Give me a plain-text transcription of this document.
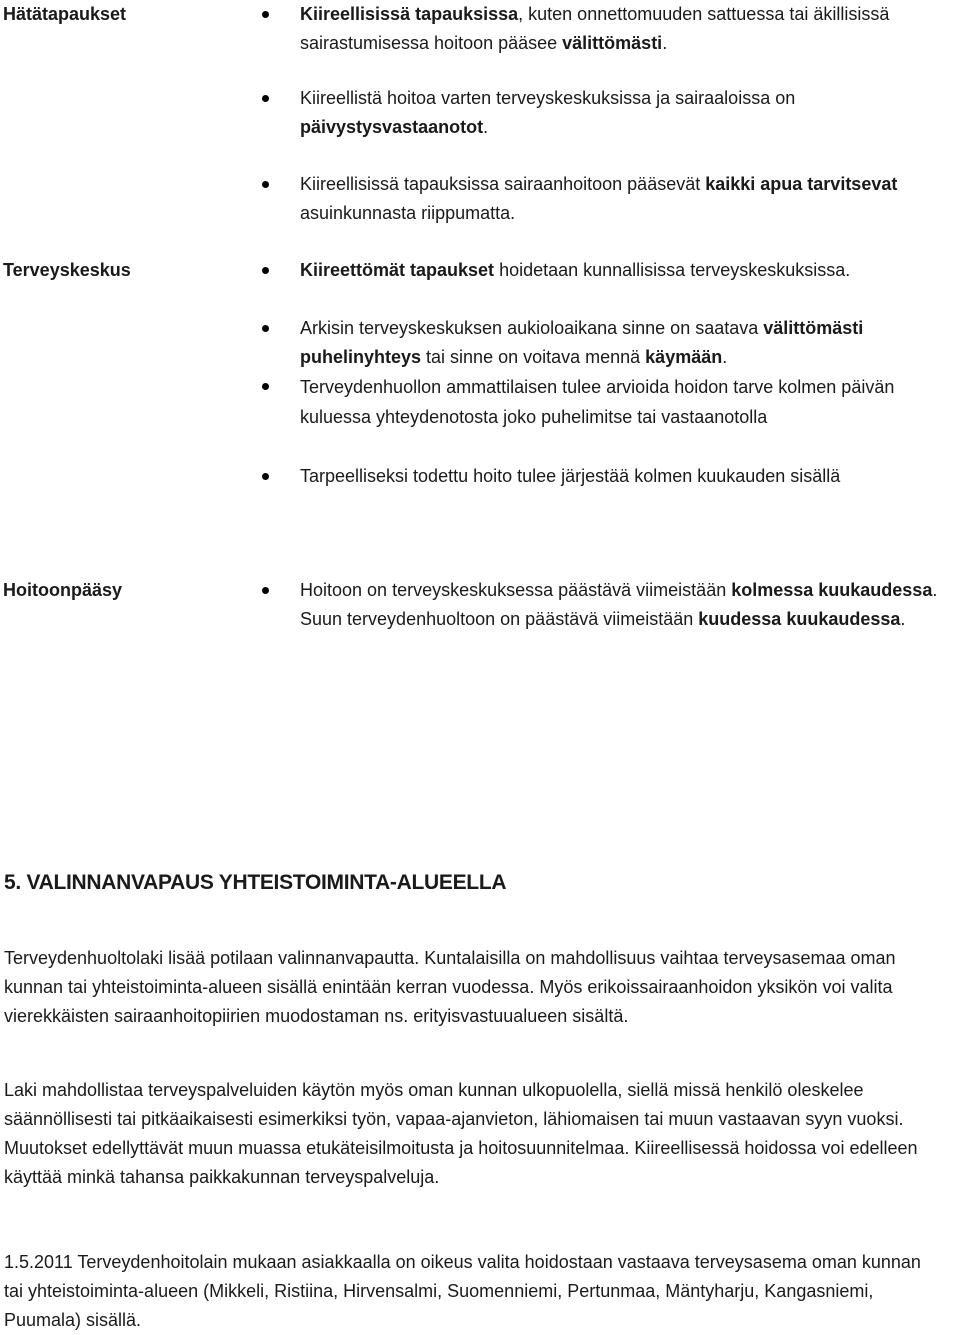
Hätätapaukset	Kiireellisissä tapauksissa, kuten onnettomuuden sattuessa tai äkillisissä sairastumisessa hoitoon pääsee välittömästi.
Kiireellistä hoitoa varten terveyskeskuksissa ja sairaaloissa on päivystysvastaanotot.
Kiireellisissä tapauksissa sairaanhoitoon pääsevät kaikki apua tarvitsevat asuinkunnasta riippumatta.
Terveyskeskus	Kiireettömät tapaukset hoidetaan kunnallisissa terveyskeskuksissa.
Arkisin terveyskeskuksen aukioloaikana sinne on saatava välittömästi puhelinyhteys tai sinne on voitava mennä käymään.
Terveydenhuollon ammattilaisen tulee arvioida hoidon tarve kolmen päivän kuluessa yhteydenotosta joko puhelimitse tai vastaanotolla
Tarpeelliseksi todettu hoito tulee järjestää kolmen kuukauden sisällä
Hoitoonpääsy	Hoitoon on terveyskeskuksessa päästävä viimeistään kolmessa kuukaudessa. Suun terveydenhuoltoon on päästävä viimeistään kuudessa kuukaudessa.
5. VALINNANVAPAUS YHTEISTOIMINTA-ALUEELLA
Terveydenhuoltolaki lisää potilaan valinnanvapautta. Kuntalaisilla on mahdollisuus vaihtaa terveysasemaa oman kunnan tai yhteistoiminta-alueen sisällä enintään kerran vuodessa. Myös erikoissairaanhoidon yksikön voi valita vierekkäisten sairaanhoitopiirien muodostaman ns. erityisvastuualueen sisältä.
Laki mahdollistaa terveyspalveluiden käytön myös oman kunnan ulkopuolella, siellä missä henkilö oleskelee säännöllisesti tai pitkäaikaisesti esimerkiksi työn, vapaa-ajanvieton, lähiomaisen tai muun vastaavan syyn vuoksi. Muutokset edellyttävät muun muassa etukäteisilmoitusta ja hoitosuunnitelmaa. Kiireellisessä hoidossa voi edelleen käyttää minkä tahansa paikkakunnan terveyspalveluja.
1.5.2011 Terveydenhoitolain mukaan asiakkaalla on oikeus valita hoidostaan vastaava terveysasema oman kunnan tai yhteistoiminta-alueen (Mikkeli, Ristiina, Hirvensalmi, Suomenniemi, Pertunmaa, Mäntyharju, Kangasniemi, Puumala) sisällä.
